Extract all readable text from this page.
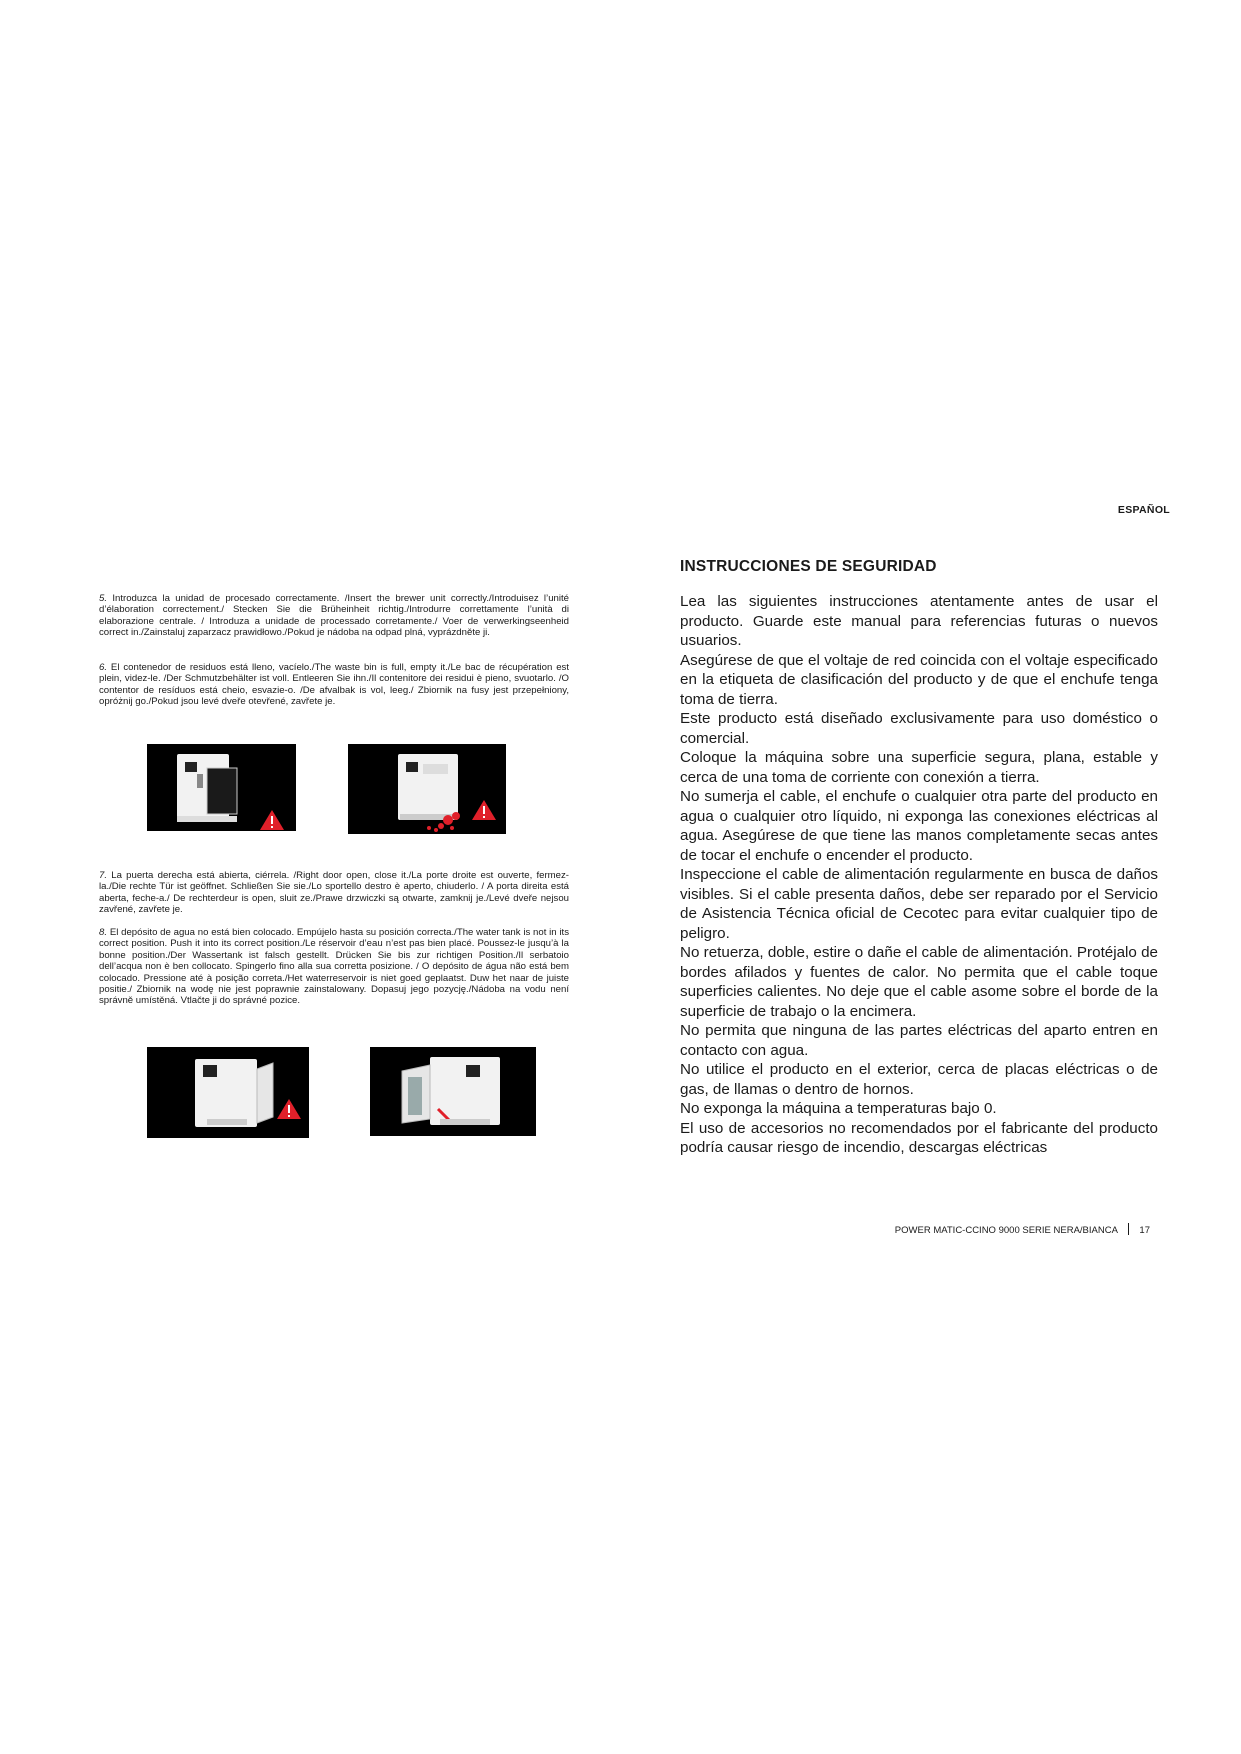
ESPAÑOL

5. Introduzca la unidad de procesado correctamente. /Insert the brewer unit correctly./Introduisez l’unité d’élaboration correctement./ Stecken Sie die Brüheinheit richtig./Introdurre correttamente l’unità di elaborazione centrale. / Introduza a unidade de processado corretamente./ Voer de verwerkingseenheid correct in./Zainstaluj zaparzacz prawidłowo./Pokud je nádoba na odpad plná, vyprázdněte ji.

6. El contenedor de residuos está lleno, vacíelo./The waste bin is full, empty it./Le bac de récupération est plein, videz-le. /Der Schmutzbehälter ist voll. Entleeren Sie ihn./Il contenitore dei residui è pieno, svuotarlo. /O contentor de resíduos está cheio, esvazie-o. /De afvalbak is vol, leeg./ Zbiornik na fusy jest przepełniony, opróżnij go./Pokud jsou levé dveře otevřené, zavřete je.

7. La puerta derecha está abierta, ciérrela. /Right door open, close it./La porte droite est ouverte, fermez-la./Die rechte Tür ist geöffnet. Schließen Sie sie./Lo sportello destro è aperto, chiuderlo. / A porta direita está aberta, feche-a./ De rechterdeur is open, sluit ze./Prawe drzwiczki są otwarte, zamknij je./Levé dveře nejsou zavřené, zavřete je.

8. El depósito de agua no está bien colocado. Empújelo hasta su posición correcta./The water tank is not in its correct position. Push it into its correct position./Le réservoir d’eau n’est pas bien placé. Poussez-le jusqu’à la bonne position./Der Wassertank ist falsch gestellt. Drücken Sie bis zur richtigen Position./Il serbatoio dell’acqua non è ben collocato. Spingerlo fino alla sua corretta posizione. / O depósito de água não está bem colocado. Pressione até à posição correta./Het waterreservoir is niet goed geplaatst. Duw het naar de juiste positie./ Zbiornik na wodę nie jest poprawnie zainstalowany. Dopasuj jego pozycję./Nádoba na vodu není správně umístěná. Vtlačte ji do správné pozice.

INSTRUCCIONES DE SEGURIDAD

Lea las siguientes instrucciones atentamente antes de usar el producto. Guarde este manual para referencias futuras o nuevos usuarios.

Asegúrese de que el voltaje de red coincida con el voltaje especificado en la etiqueta de clasificación del producto y de que el enchufe tenga toma de tierra.

Este producto está diseñado exclusivamente para uso doméstico o comercial.

Coloque la máquina sobre una superficie segura, plana, estable y cerca de una toma de corriente con conexión a tierra.

No sumerja el cable, el enchufe o cualquier otra parte del producto en agua o cualquier otro líquido, ni exponga las conexiones eléctricas al agua. Asegúrese de que tiene las manos completamente secas antes de tocar el enchufe o encender el producto.

Inspeccione el cable de alimentación regularmente en busca de daños visibles. Si el cable presenta daños, debe ser reparado por el Servicio de Asistencia Técnica oficial de Cecotec para evitar cualquier tipo de peligro.

No retuerza, doble, estire o dañe el cable de alimentación. Protéjalo de bordes afilados y fuentes de calor. No permita que el cable toque superficies calientes. No deje que el cable asome sobre el borde de la superficie de trabajo o la encimera.

No permita que ninguna de las partes eléctricas del aparto entren en contacto con agua.

No utilice el producto en el exterior, cerca de placas eléctricas o de gas, de llamas o dentro de hornos.

No exponga la máquina a temperaturas bajo 0.

El uso de accesorios no recomendados por el fabricante del producto podría causar riesgo de incendio, descargas eléctricas

POWER MATIC-CCINO 9000 SERIE NERA/BIANCA 17
